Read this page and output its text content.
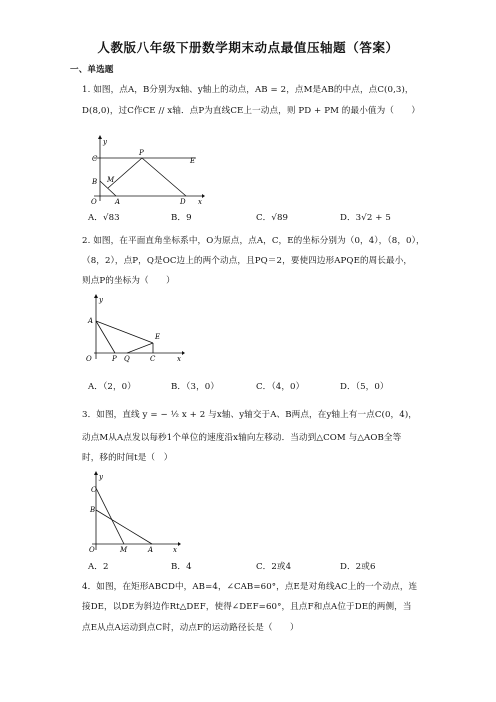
人教版八年级下册数学期末动点最值压轴题（答案）
一、单选题
1. 如图，点A，B分别为x轴、y轴上的动点，AB = 2，点M是AB的中点，点C(0,3)，
D(8,0)，过C作CE // x轴．点P为直线CE上一动点，则 PD + PM 的最小值为（　　）
y
C
P
E
B M
O	A	D x
A．√83	B．9	C．√89	D．3√2 + 5
2. 如图，在平面直角坐标系中，O为原点，点A，C，E的坐标分别为（0，4），（8，0），
（8，2），点P，Q是OC边上的两个动点，且PQ＝2，要使四边形APQE的周长最小，
则点P的坐标为（　　）
y
A
E
O	P Q	C	x
A．（2，0）	B．（3，0）	C．（4，0）	D．（5，0）
3．如图，直线 y = − ½ x + 2 与x轴、y轴交于A、B两点，在y轴上有一点C(0，4)，
动点M从A点发以每秒1个单位的速度沿x轴向左移动．当动到△COM 与△AOB全等
时，移的时间t是（　）
y
C
B
O	M	A	x
A．2	B．4	C．2或4	D．2或6
4．如图，在矩形ABCD中，AB=4，∠CAB=60°，点E是对角线AC上的一个动点，连
接DE，以DE为斜边作Rt△DEF，使得∠DEF=60°，且点F和点A位于DE的两侧，当
点E从点A运动到点C时，动点F的运动路径长是（　　）
